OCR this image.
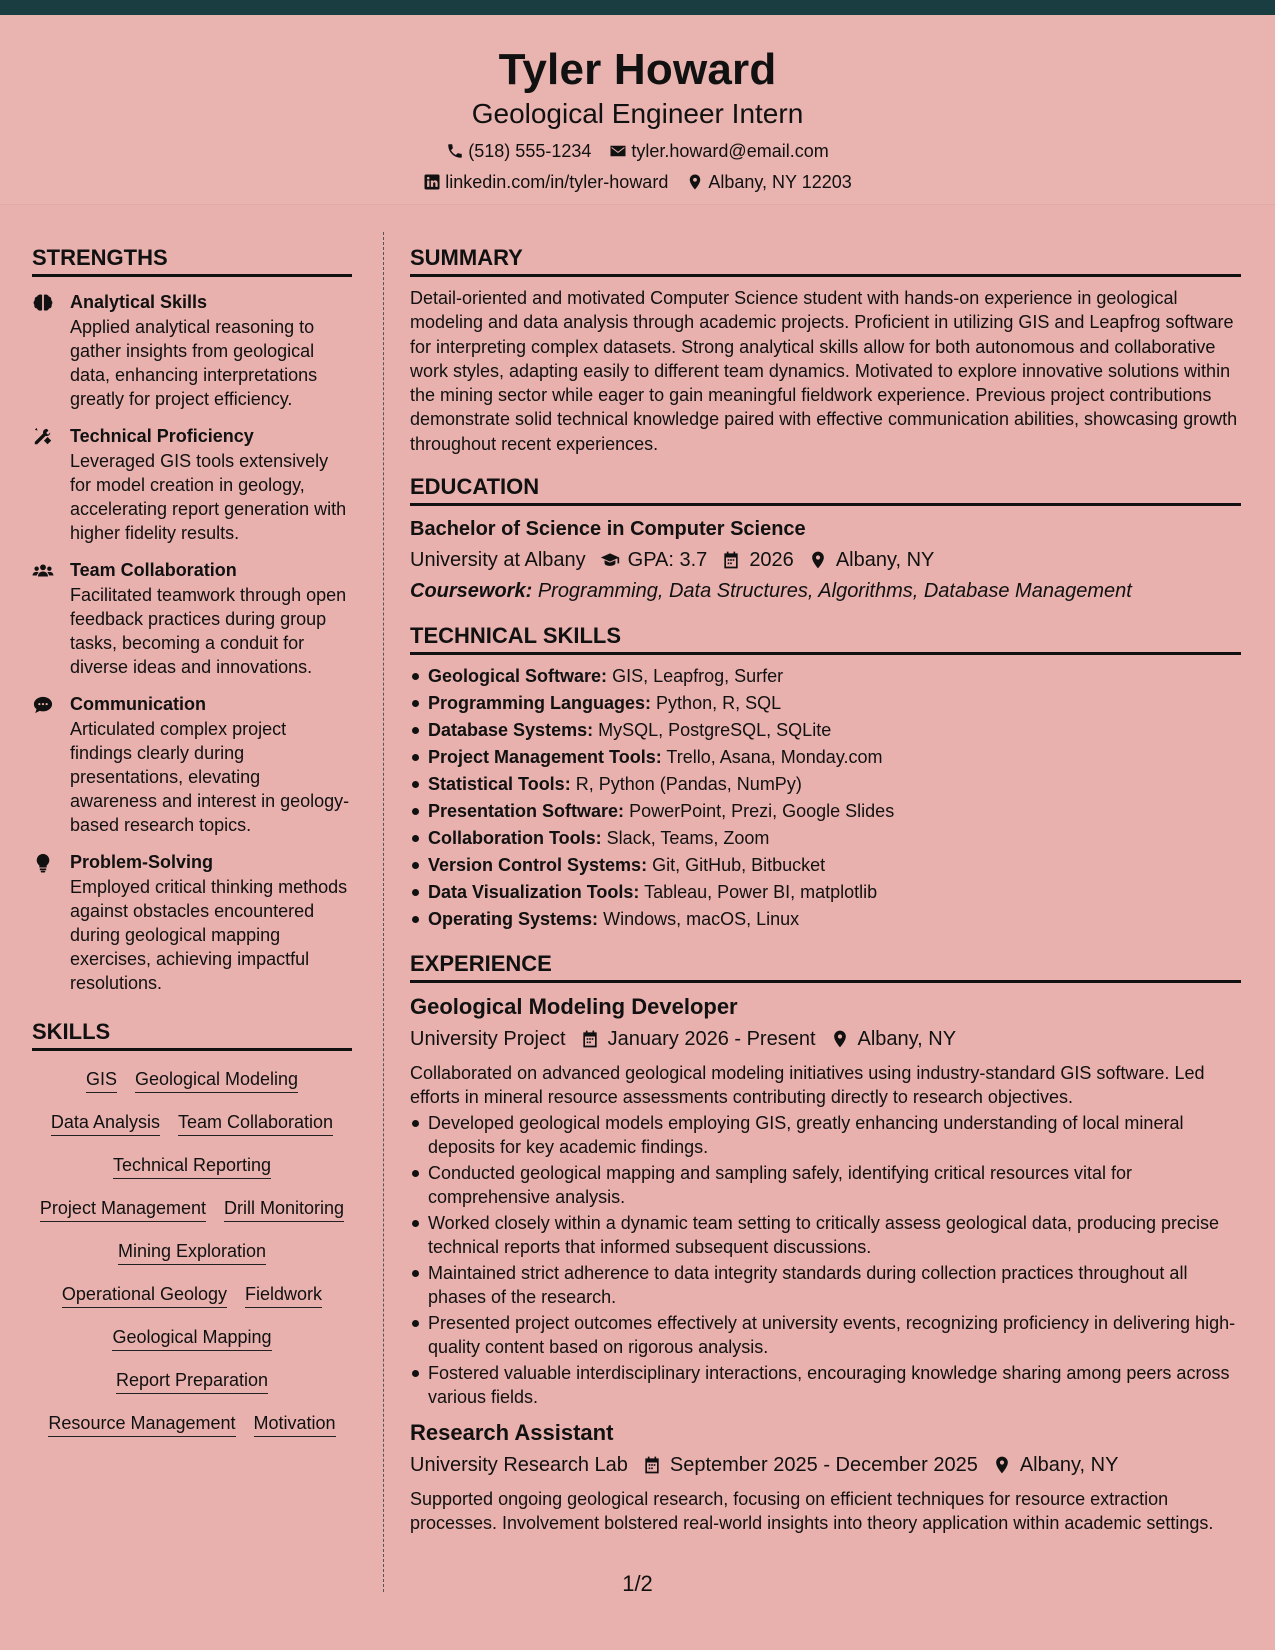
Tyler Howard
Geological Engineer Intern
(518) 555-1234 tyler.howard@email.com
linkedin.com/in/tyler-howard Albany, NY 12203
STRENGTHS
Analytical Skills
Applied analytical reasoning to gather insights from geological data, enhancing interpretations greatly for project efficiency.
Technical Proficiency
Leveraged GIS tools extensively for model creation in geology, accelerating report generation with higher fidelity results.
Team Collaboration
Facilitated teamwork through open feedback practices during group tasks, becoming a conduit for diverse ideas and innovations.
Communication
Articulated complex project findings clearly during presentations, elevating awareness and interest in geology-based research topics.
Problem-Solving
Employed critical thinking methods against obstacles encountered during geological mapping exercises, achieving impactful resolutions.
SKILLS
GIS Geological Modeling
Data Analysis Team Collaboration
Technical Reporting
Project Management Drill Monitoring
Mining Exploration
Operational Geology Fieldwork
Geological Mapping
Report Preparation
Resource Management Motivation
SUMMARY

Detail-oriented and motivated Computer Science student with hands-on experience in geological modeling and data analysis through academic projects. Proficient in utilizing GIS and Leapfrog software for interpreting complex datasets. Strong analytical skills allow for both autonomous and collaborative work styles, adapting easily to different team dynamics. Motivated to explore innovative solutions within the mining sector while eager to gain meaningful fieldwork experience. Previous project contributions demonstrate solid technical knowledge paired with effective communication abilities, showcasing growth throughout recent experiences.

EDUCATION
Bachelor of Science in Computer Science
University at Albany GPA: 3.7 2026 Albany, NY
Coursework: Programming, Data Structures, Algorithms, Database Management
TECHNICAL SKILLS
Geological Software: GIS, Leapfrog, Surfer
Programming Languages: Python, R, SQL
Database Systems: MySQL, PostgreSQL, SQLite
Project Management Tools: Trello, Asana, Monday.com
Statistical Tools: R, Python (Pandas, NumPy)
Presentation Software: PowerPoint, Prezi, Google Slides
Collaboration Tools: Slack, Teams, Zoom
Version Control Systems: Git, GitHub, Bitbucket
Data Visualization Tools: Tableau, Power BI, matplotlib
Operating Systems: Windows, macOS, Linux
EXPERIENCE
Geological Modeling Developer
University Project January 2026 - Present Albany, NY

Collaborated on advanced geological modeling initiatives using industry-standard GIS software. Led efforts in mineral resource assessments contributing directly to research objectives.

Developed geological models employing GIS, greatly enhancing understanding of local mineral deposits for key academic findings.
Conducted geological mapping and sampling safely, identifying critical resources vital for comprehensive analysis.
Worked closely within a dynamic team setting to critically assess geological data, producing precise technical reports that informed subsequent discussions.
Maintained strict adherence to data integrity standards during collection practices throughout all phases of the research.
Presented project outcomes effectively at university events, recognizing proficiency in delivering high-quality content based on rigorous analysis.
Fostered valuable interdisciplinary interactions, encouraging knowledge sharing among peers across various fields.
Research Assistant
University Research Lab September 2025 - December 2025 Albany, NY

Supported ongoing geological research, focusing on efficient techniques for resource extraction processes. Involvement bolstered real-world insights into theory application within academic settings.

1/2
